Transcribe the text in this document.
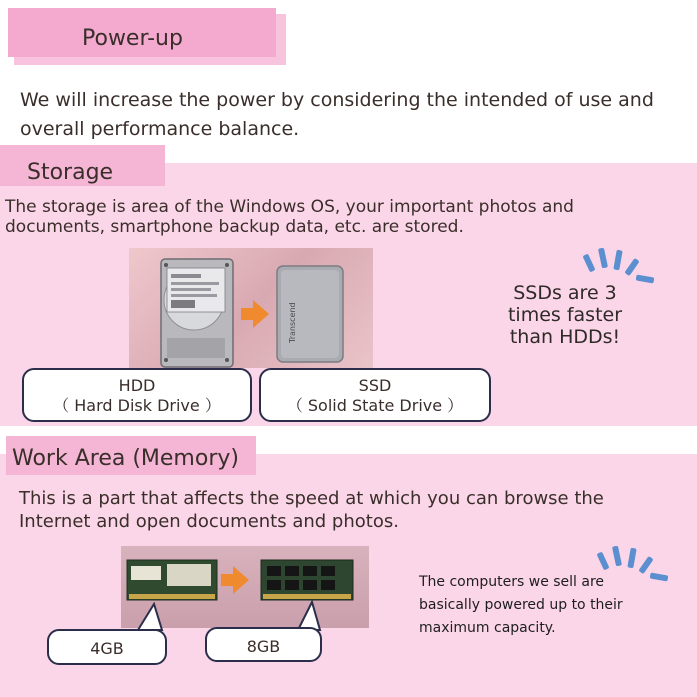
Power-up
We will increase the power by considering the intended of use and
overall performance balance.
Storage
The storage is area of the Windows OS, your important photos and
documents, smartphone backup data, etc. are stored.
Transcend
HDD
（ Hard Disk Drive ）
SSD
（ Solid State Drive ）
SSDs are 3
times faster
than HDDs!
Work Area (Memory)
This is a part that affects the speed at which you can browse the
Internet and open documents and photos.
4GB	8GB
The computers we sell are
basically powered up to their
maximum capacity.
